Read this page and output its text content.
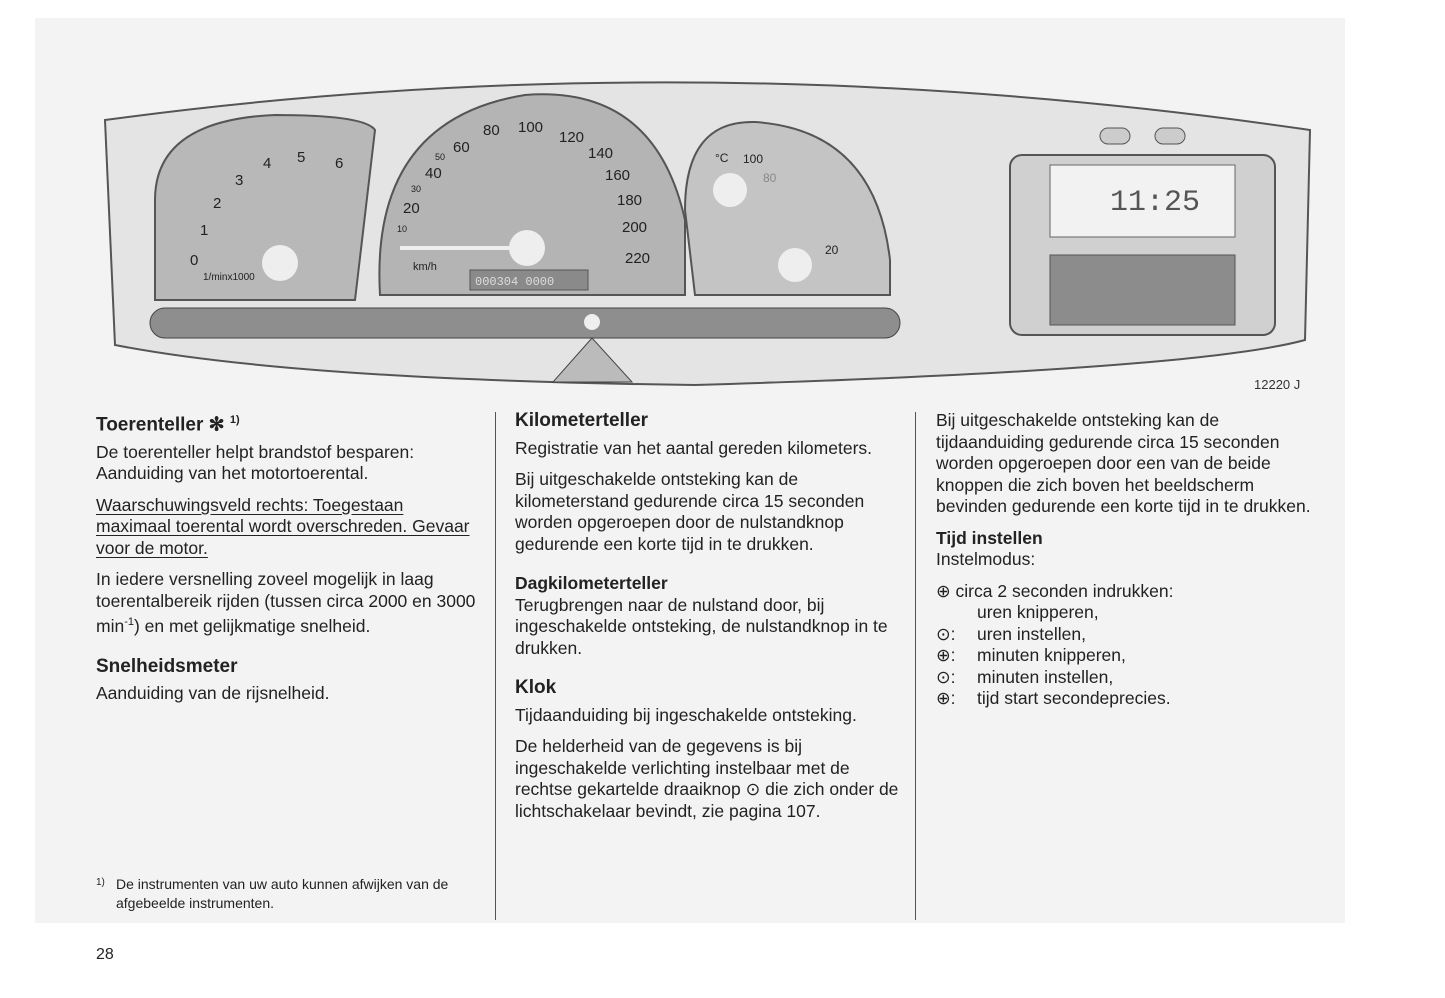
1
2
3
4 5 6
0
1/minx1000
10
20
30
40
50
60
80 100
120
140
160
180
200
220
km/h
000304 0000
°C 100
80
20
11:25
12220 J
Toerenteller ✻ $^{1)}$

De toerenteller helpt brandstof besparen: Aanduiding van het motortoerental.

Waarschuwingsveld rechts: Toegestaan maximaal toerental wordt overschreden. Gevaar voor de motor.

In iedere versnelling zoveel mogelijk in laag toerentalbereik rijden (tussen circa 2000 en 3000 $\min^{-1}$) en met gelijkmatige snelheid.

Snelheidsmeter

Aanduiding van de rijsnelheid.

1) De instrumenten van uw auto kunnen afwijken van de afgebeelde instrumenten.
Kilometerteller

Registratie van het aantal gereden kilometers.

Bij uitgeschakelde ontsteking kan de kilometerstand gedurende circa 15 seconden worden opgeroepen door de nulstandknop gedurende een korte tijd in te drukken.

Dagkilometerteller

Terugbrengen naar de nulstand door, bij ingeschakelde ontsteking, de nulstandknop in te drukken.

Klok

Tijdaanduiding bij ingeschakelde ontsteking.

De helderheid van de gegevens is bij ingeschakelde verlichting instelbaar met de rechtse gekartelde draaiknop ⊙ die zich onder de lichtschakelaar bevindt, zie pagina 107.

Bij uitgeschakelde ontsteking kan de tijdaanduiding gedurende circa 15 seconden worden opgeroepen door een van de beide knoppen die zich boven het beeldscherm bevinden gedurende een korte tijd in te drukken.

Tijd instellen

Instelmodus:

⊕
circa 2 seconden indrukken:
uren knipperen,
⊙:	uren instellen,
⊕:	minuten knipperen,
⊙:	minuten instellen,
⊕:	tijd start secondeprecies.
28
